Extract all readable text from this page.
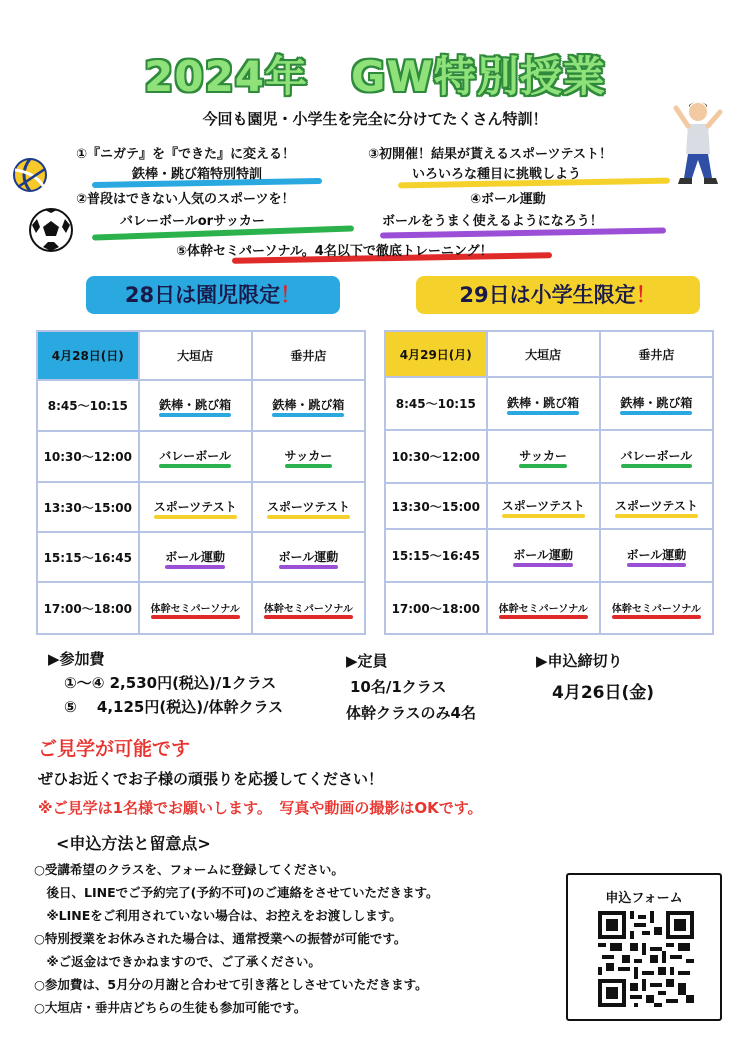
2024年　GW特別授業
今回も園児・小学生を完全に分けてたくさん特訓！
①『ニガテ』を『できた』に変える！
鉄棒・跳び箱特別特訓
③初開催！結果が貰えるスポーツテスト！
いろいろな種目に挑戦しよう
②普段はできない人気のスポーツを！
バレーボールorサッカー
④ボール運動
ボールをうまく使えるようになろう！
⑤体幹セミパーソナル。4名以下で徹底トレーニング！
28日は園児限定！	29日は小学生限定！
4月28日(日)	大垣店	垂井店
8:45〜10:15	鉄棒・跳び箱	鉄棒・跳び箱

10:30〜12:00	バレーボール	サッカー

13:30〜15:00	スポーツテスト	スポーツテスト

15:15〜16:45	ボール運動	ボール運動

17:00〜18:00	体幹セミパーソナル	体幹セミパーソナル
4月29日(月)	大垣店	垂井店
8:45〜10:15	鉄棒・跳び箱	鉄棒・跳び箱

10:30〜12:00	サッカー	バレーボール

13:30〜15:00	スポーツテスト	スポーツテスト

15:15〜16:45	ボール運動	ボール運動

17:00〜18:00	体幹セミパーソナル	体幹セミパーソナル
▶参加費
①〜④ 2,530円(税込)/1クラス
⑤　 4,125円(税込)/体幹クラス
▶定員
10名/1クラス
体幹クラスのみ4名
▶申込締切り
4月26日(金)
ご見学が可能です
ぜひお近くでお子様の頑張りを応援してください！
※ご見学は1名様でお願いします。　写真や動画の撮影はOKです。
<申込方法と留意点>
○受講希望のクラスを、フォームに登録してください。
　後日、LINEでご予約完了(予約不可)のご連絡をさせていただきます。
　※LINEをご利用されていない場合は、お控えをお渡しします。
○特別授業をお休みされた場合は、通常授業への振替が可能です。
　※ご返金はできかねますので、ご了承ください。
○参加費は、5月分の月謝と合わせて引き落としさせていただきます。
○大垣店・垂井店どちらの生徒も参加可能です。
申込フォーム
